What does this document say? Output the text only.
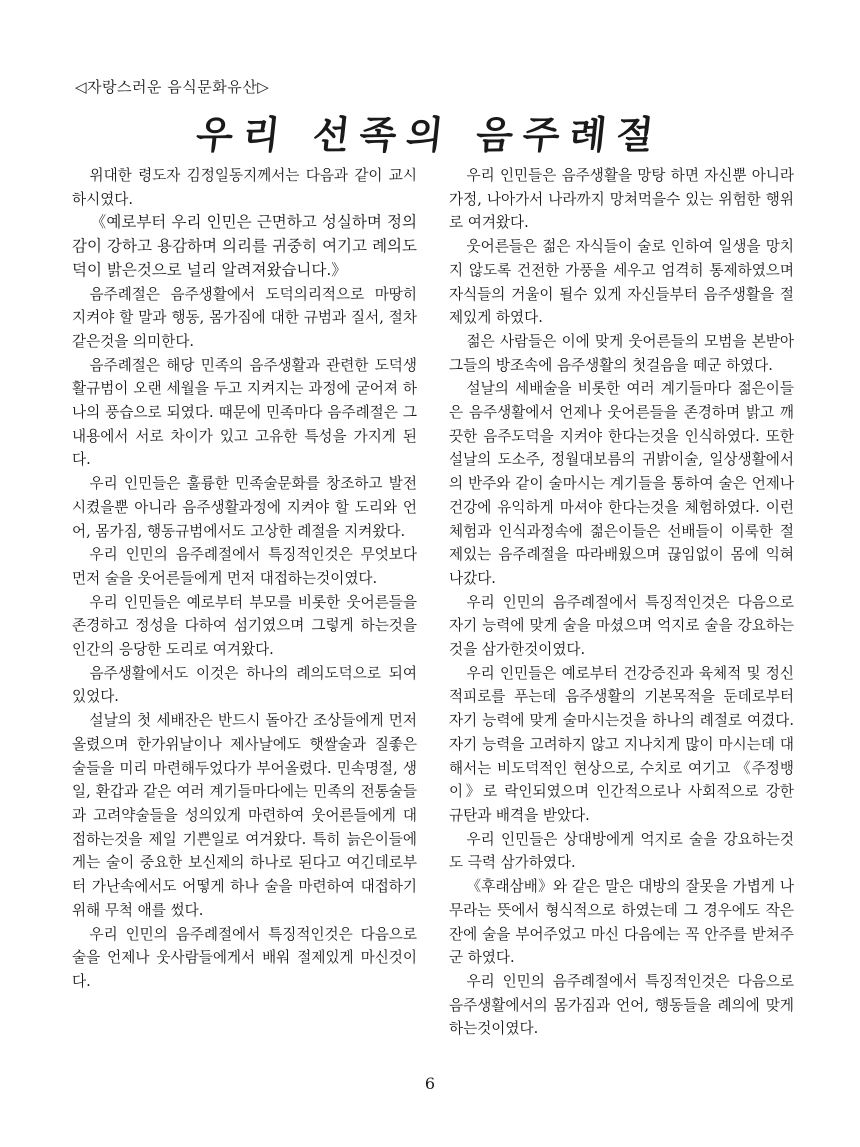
◁자랑스러운 음식문화유산▷
우리 선족의 음주례절

위대한 령도자 김정일동지께서는 다음과 같이 교시하시였다.

《예로부터 우리 인민은 근면하고 성실하며 정의감이 강하고 용감하며 의리를 귀중히 여기고 례의도덕이 밝은것으로 널리 알려져왔습니다.》

음주례절은 음주생활에서 도덕의리적으로 마땅히 지켜야 할 말과 행동, 몸가짐에 대한 규범과 질서, 절차같은것을 의미한다.

음주례절은 해당 민족의 음주생활과 관련한 도덕생활규범이 오랜 세월을 두고 지켜지는 과정에 굳어져 하나의 풍습으로 되였다. 때문에 민족마다 음주례절은 그 내용에서 서로 차이가 있고 고유한 특성을 가지게 된다.

우리 인민들은 훌륭한 민족술문화를 창조하고 발전시켰을뿐 아니라 음주생활과정에 지켜야 할 도리와 언어, 몸가짐, 행동규범에서도 고상한 례절을 지켜왔다.

우리 인민의 음주례절에서 특징적인것은 무엇보다먼저 술을 웃어른들에게 먼저 대접하는것이였다.

우리 인민들은 예로부터 부모를 비롯한 웃어른들을 존경하고 정성을 다하여 섬기였으며 그렇게 하는것을 인간의 응당한 도리로 여겨왔다.

음주생활에서도 이것은 하나의 례의도덕으로 되여있었다.

설날의 첫 세배잔은 반드시 돌아간 조상들에게 먼저 올렸으며 한가위날이나 제사날에도 햇쌀술과 질좋은 술들을 미리 마련해두었다가 부어올렸다. 민속명절, 생일, 환갑과 같은 여러 계기들마다에는 민족의 전통술들과 고려약술들을 성의있게 마련하여 웃어른들에게 대접하는것을 제일 기쁜일로 여겨왔다. 특히 늙은이들에게는 술이 중요한 보신제의 하나로 된다고 여긴데로부터 가난속에서도 어떻게 하나 술을 마련하여 대접하기 위해 무척 애를 썼다.

우리 인민의 음주례절에서 특징적인것은 다음으로 술을 언제나 웃사람들에게서 배워 절제있게 마신것이다.

우리 인민들은 음주생활을 망탕 하면 자신뿐 아니라 가정, 나아가서 나라까지 망쳐먹을수 있는 위험한 행위로 여겨왔다.

웃어른들은 젊은 자식들이 술로 인하여 일생을 망치지 않도록 건전한 가풍을 세우고 엄격히 통제하였으며 자식들의 거울이 될수 있게 자신들부터 음주생활을 절제있게 하였다.

젊은 사람들은 이에 맞게 웃어른들의 모범을 본받아 그들의 방조속에 음주생활의 첫걸음을 떼군 하였다.

설날의 세배술을 비롯한 여러 계기들마다 젊은이들은 음주생활에서 언제나 웃어른들을 존경하며 밝고 깨끗한 음주도덕을 지켜야 한다는것을 인식하였다. 또한 설날의 도소주, 정월대보름의 귀밝이술, 일상생활에서의 반주와 같이 술마시는 계기들을 통하여 술은 언제나 건강에 유익하게 마셔야 한다는것을 체험하였다. 이런 체험과 인식과정속에 젊은이들은 선배들이 이룩한 절제있는 음주례절을 따라배웠으며 끊임없이 몸에 익혀나갔다.

우리 인민의 음주례절에서 특징적인것은 다음으로 자기 능력에 맞게 술을 마셨으며 억지로 술을 강요하는것을 삼가한것이였다.

우리 인민들은 예로부터 건강증진과 육체적 및 정신적피로를 푸는데 음주생활의 기본목적을 둔데로부터 자기 능력에 맞게 술마시는것을 하나의 례절로 여겼다. 자기 능력을 고려하지 않고 지나치게 많이 마시는데 대해서는 비도덕적인 현상으로, 수치로 여기고 《주정뱅이》로 락인되였으며 인간적으로나 사회적으로 강한 규탄과 배격을 받았다.

우리 인민들은 상대방에게 억지로 술을 강요하는것도 극력 삼가하였다.

《후래삼배》와 같은 말은 대방의 잘못을 가볍게 나무라는 뜻에서 형식적으로 하였는데 그 경우에도 작은 잔에 술을 부어주었고 마신 다음에는 꼭 안주를 받쳐주군 하였다.

우리 인민의 음주례절에서 특징적인것은 다음으로 음주생활에서의 몸가짐과 언어, 행동들을 례의에 맞게 하는것이였다.

6
